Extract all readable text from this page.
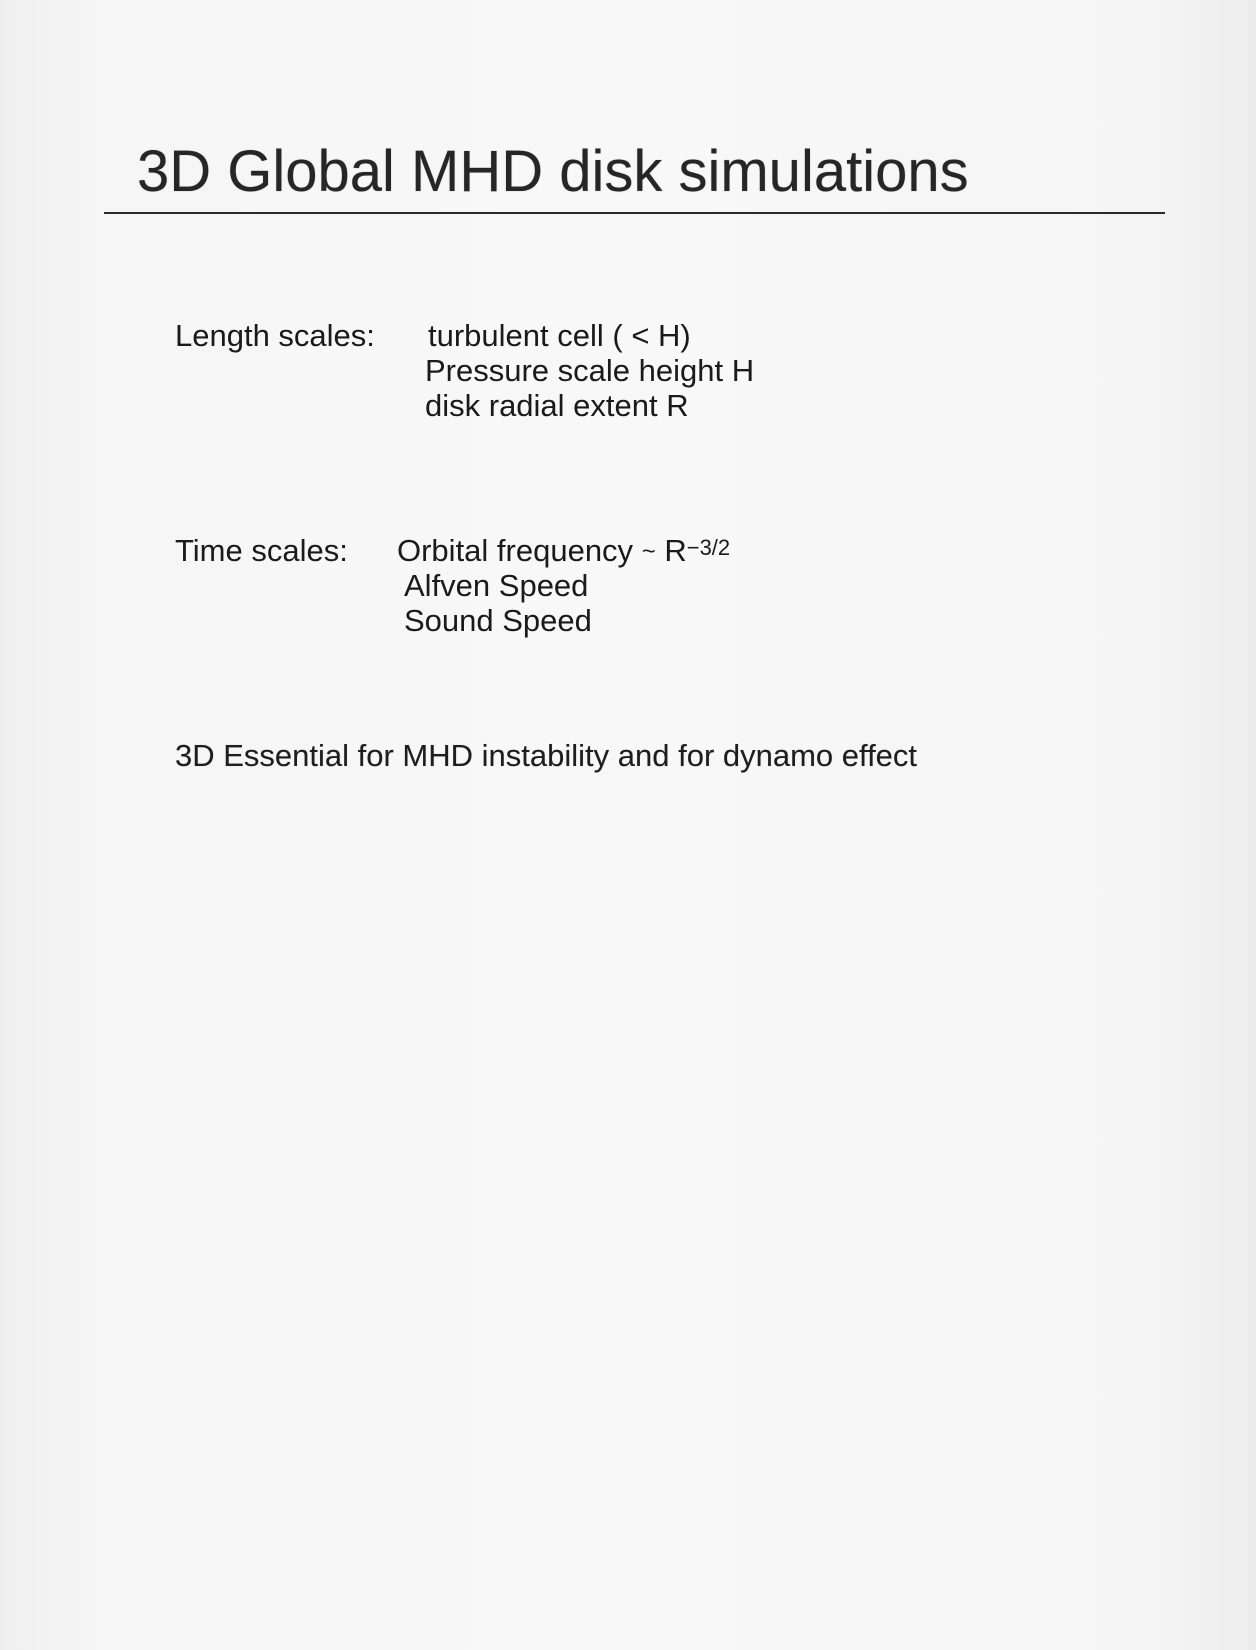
3D Global MHD disk simulations
Length scales: turbulent cell ( < H)
Pressure scale height H
disk radial extent R
Time scales: Orbital frequency ~ $R^{-3/2}$
Alfven Speed
Sound Speed
3D Essential for MHD instability and for dynamo effect
